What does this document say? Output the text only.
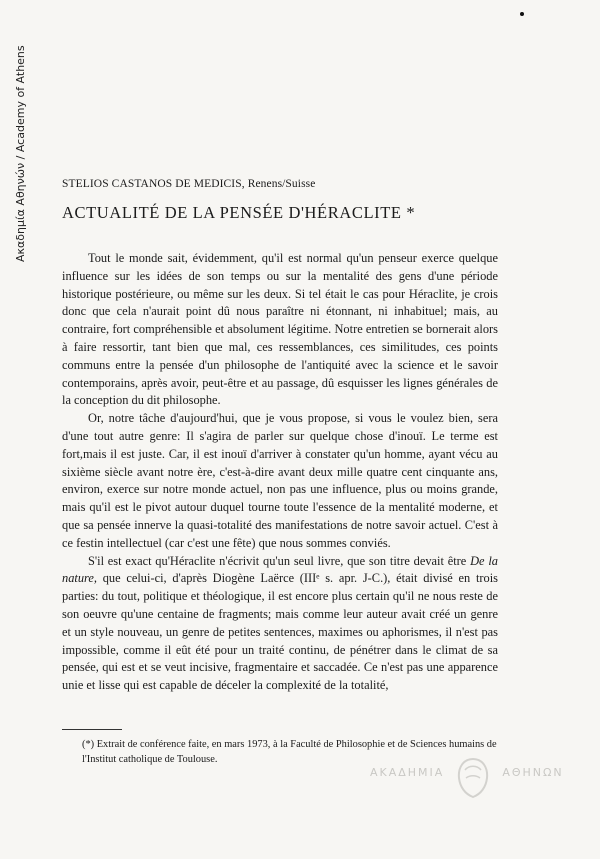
Ακαδημία Αθηνών / Academy of Athens	STELIOS CASTANOS DE MEDICIS, Renens/Suisse
ACTUALITÉ DE LA PENSÉE D'HÉRACLITE *

Tout le monde sait, évidemment, qu'il est normal qu'un penseur exerce quelque influence sur les idées de son temps ou sur la mentalité des gens d'une période historique postérieure, ou même sur les deux. Si tel était le cas pour Héraclite, je crois donc que cela n'aurait point dû nous paraître ni étonnant, ni inhabituel; mais, au contraire, fort compréhensible et absolument légitime. Notre entretien se bornerait alors à faire ressortir, tant bien que mal, ces ressemblances, ces similitudes, ces points communs entre la pensée d'un philosophe de l'antiquité avec la science et le savoir contemporains, après avoir, peut-être et au passage, dû esquisser les lignes générales de la conception du dit philosophe.

Or, notre tâche d'aujourd'hui, que je vous propose, si vous le voulez bien, sera d'une tout autre genre: Il s'agira de parler sur quelque chose d'inouï. Le terme est fort,mais il est juste. Car, il est inouï d'arriver à constater qu'un homme, ayant vécu au sixième siècle avant notre ère, c'est-à-dire avant deux mille quatre cent cinquante ans, environ, exerce sur notre monde actuel, non pas une influence, plus ou moins grande, mais qu'il est le pivot autour duquel tourne toute l'essence de la mentalité moderne, et que sa pensée innerve la quasi-totalité des manifestations de notre savoir actuel. C'est à ce festin intellectuel (car c'est une fête) que nous sommes conviés.

S'il est exact qu'Héraclite n'écrivit qu'un seul livre, que son titre devait être De la nature, que celui-ci, d'après Diogène Laërce (IIIᵉ s. apr. J-C.), était divisé en trois parties: du tout, politique et théologique, il est encore plus certain qu'il ne nous reste de son oeuvre qu'une centaine de fragments; mais comme leur auteur avait créé un genre et un style nouveau, un genre de petites sentences, maximes ou aphorismes, il n'est pas impossible, comme il eût été pour un traité continu, de pénétrer dans le climat de sa pensée, qui est et se veut incisive, fragmentaire et saccadée. Ce n'est pas une apparence unie et lisse qui est capable de déceler la complexité de la totalité,

(*) Extrait de conférence faite, en mars 1973, à la Faculté de Philosophie et de Sciences humains de l'Institut catholique de Toulouse.
ΑΚΑΔΗΜΙΑ	ΑΘΗΝΩΝ
